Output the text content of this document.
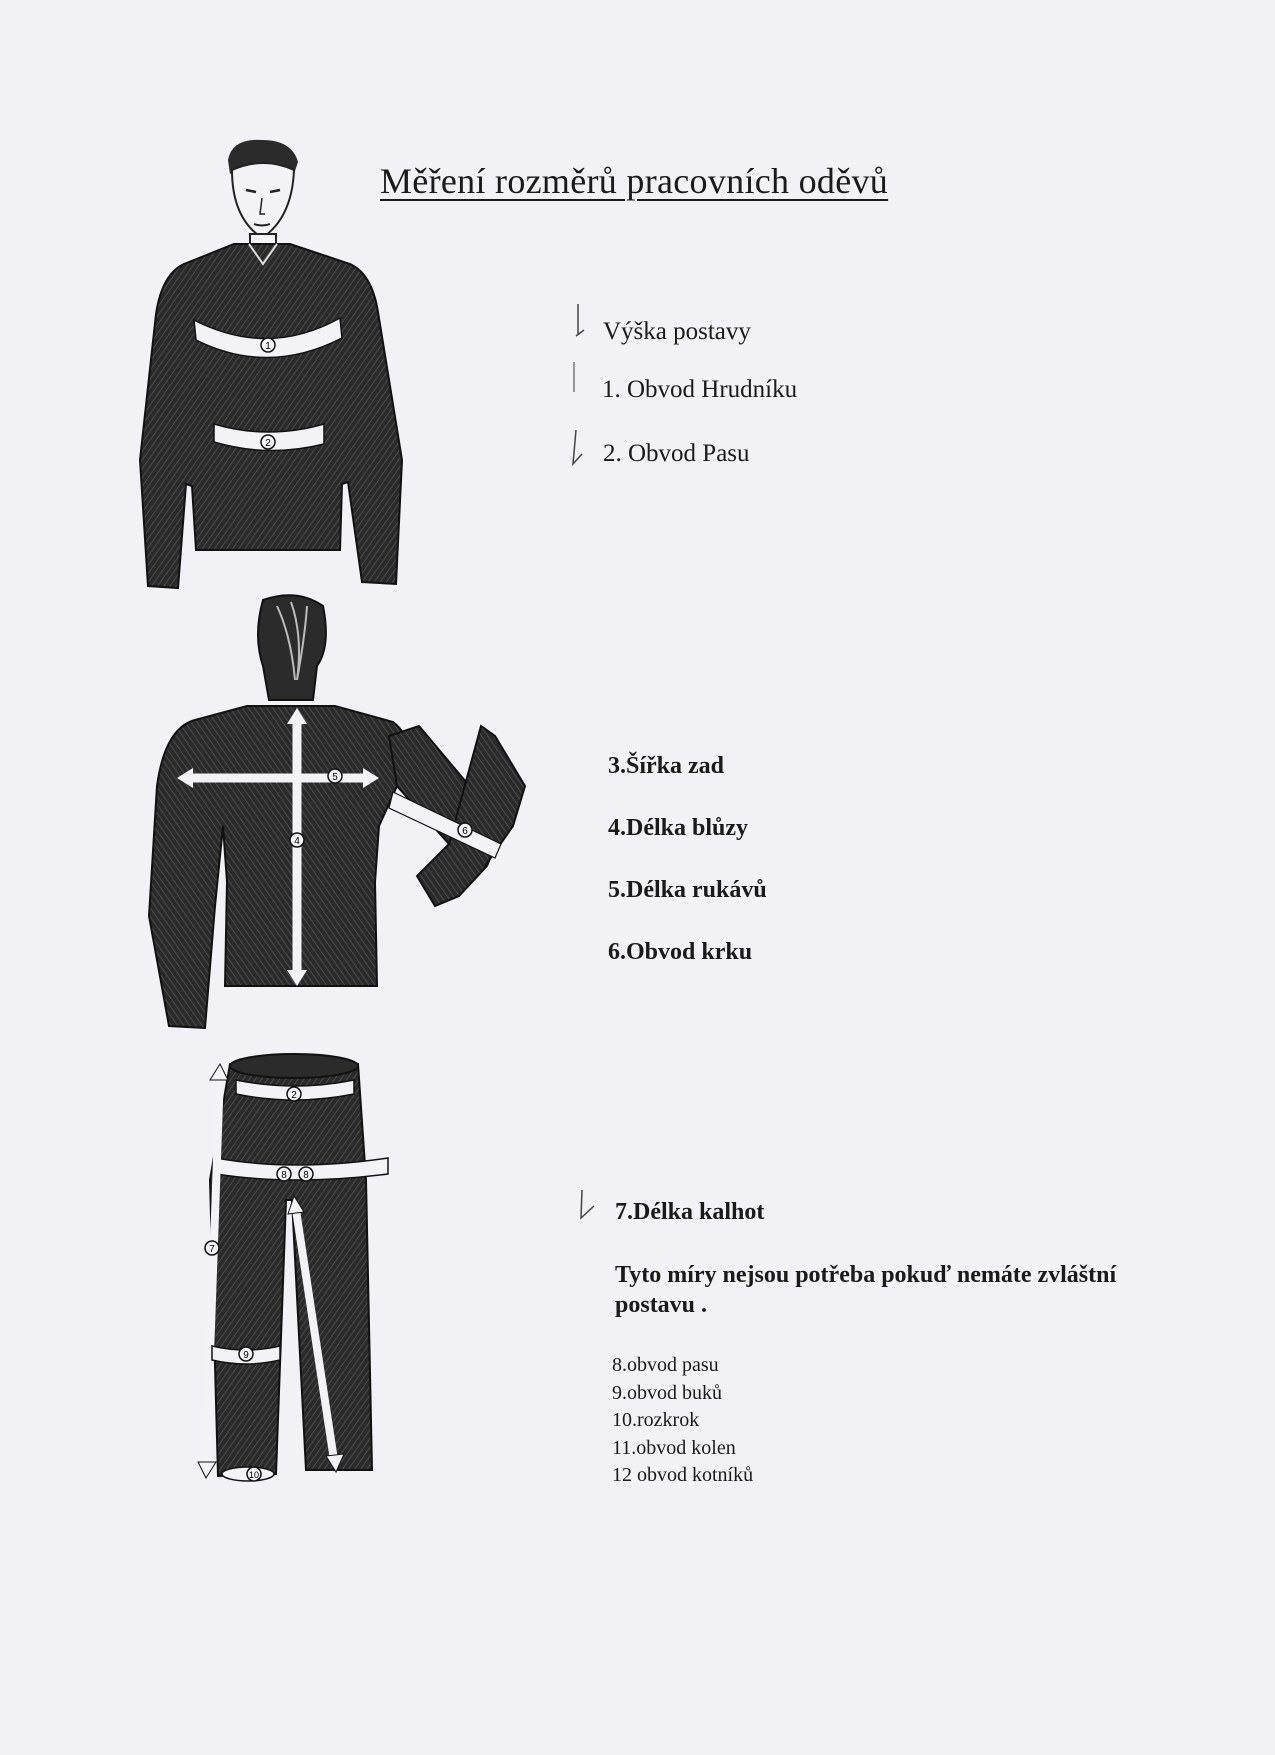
Měření rozměrů pracovních oděvů
1
2
Výška postavy
1. Obvod Hrudníku
2. Obvod Pasu
5
4
6
3.Šířka zad
4.Délka blůzy
5.Délka rukávů
6.Obvod krku
2
8 8
7
9
10
7.Délka kalhot

Tyto míry nejsou potřeba pokuď nemáte zvláštní postavu .

8.obvod pasu
9.obvod buků
10.rozkrok
11.obvod kolen
12 obvod kotníků
